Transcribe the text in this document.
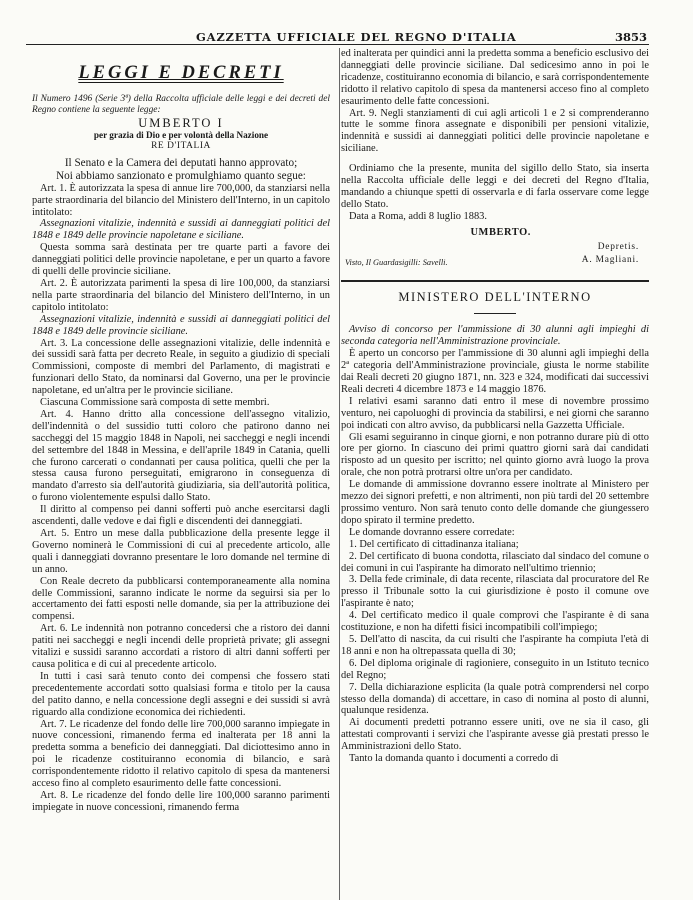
GAZZETTA UFFICIALE DEL REGNO D'ITALIA	3853
LEGGI E DECRETI

Il Numero 1496 (Serie 3ª) della Raccolta ufficiale delle leggi e dei decreti del Regno contiene la seguente legge:

UMBERTO I
per grazia di Dio e per volontà della Nazione
RE D'ITALIA
Il Senato e la Camera dei deputati hanno approvato;
Noi abbiamo sanzionato e promulghiamo quanto segue:

Art. 1. È autorizzata la spesa di annue lire 700,000, da stanziarsi nella parte straordinaria del bilancio del Ministero dell'Interno, in un capitolo intitolato:

Assegnazioni vitalizie, indennità e sussidi ai danneggiati politici del 1848 e 1849 delle provincie napoletane e siciliane.

Questa somma sarà destinata per tre quarte parti a favore dei danneggiati politici delle provincie napoletane, e per un quarto a favore di quelli delle provincie siciliane.

Art. 2. È autorizzata parimenti la spesa di lire 100,000, da stanziarsi nella parte straordinaria del bilancio del Ministero dell'Interno, in un capitolo intitolato:

Assegnazioni vitalizie, indennità e sussidi ai danneggiati politici del 1848 e 1849 delle provincie siciliane.

Art. 3. La concessione delle assegnazioni vitalizie, delle indennità e dei sussidi sarà fatta per decreto Reale, in seguito a giudizio di speciali Commissioni, composte di membri del Parlamento, di magistrati e funzionari dello Stato, da nominarsi dal Governo, una per le provincie napoletane, ed un'altra per le provincie siciliane.

Ciascuna Commissione sarà composta di sette membri.

Art. 4. Hanno dritto alla concessione dell'assegno vitalizio, dell'indennità o del sussidio tutti coloro che patirono danno nei saccheggi del 15 maggio 1848 in Napoli, nei saccheggi e negli incendi del settembre del 1848 in Messina, e dell'aprile 1849 in Catania, quelli che furono carcerati o condannati per causa politica, quelli che per la stessa causa furono perseguitati, emigrarono in conseguenza di mandato d'arresto sia dell'autorità giudiziaria, sia dell'autorità politica, o furono violentemente espulsi dallo Stato.

Il diritto al compenso pei danni sofferti può anche esercitarsi dagli ascendenti, dalle vedove e dai figli e discendenti dei danneggiati.

Art. 5. Entro un mese dalla pubblicazione della presente legge il Governo nominerà le Commissioni di cui al precedente articolo, alle quali i danneggiati dovranno presentare le loro domande nel termine di un anno.

Con Reale decreto da pubblicarsi contemporaneamente alla nomina delle Commissioni, saranno indicate le norme da seguirsi sia per lo accertamento dei fatti esposti nelle domande, sia per la attribuzione dei compensi.

Art. 6. Le indennità non potranno concedersi che a ristoro dei danni patiti nei saccheggi e negli incendi delle proprietà private; gli assegni vitalizi e sussidi saranno accordati a ristoro di altri danni sofferti per causa politica e di cui al precedente articolo.

In tutti i casi sarà tenuto conto dei compensi che fossero stati precedentemente accordati sotto qualsiasi forma e titolo per la causa del patito danno, e nella concessione degli assegni e dei sussidi si avrà riguardo alla condizione economica dei richiedenti.

Art. 7. Le ricadenze del fondo delle lire 700,000 saranno impiegate in nuove concessioni, rimanendo ferma ed inalterata per 18 anni la predetta somma a beneficio dei danneggiati. Dal diciottesimo anno in poi le ricadenze costituiranno economia di bilancio, e sarà corrispondentemente ridotto il relativo capitolo di spesa da mantenersi acceso fino al completo esaurimento delle fatte concessioni.

Art. 8. Le ricadenze del fondo delle lire 100,000 saranno parimenti impiegate in nuove concessioni, rimanendo ferma

ed inalterata per quindici anni la predetta somma a beneficio esclusivo dei danneggiati delle provincie siciliane. Dal sedicesimo anno in poi le ricadenze, costituiranno economia di bilancio, e sarà corrispondentemente ridotto il relativo capitolo di spesa da mantenersi acceso fino al completo esaurimento delle fatte concessioni.

Art. 9. Negli stanziamenti di cui agli articoli 1 e 2 si comprenderanno tutte le somme finora assegnate e disponibili per pensioni vitalizie, indennità e sussidi ai danneggiati politici delle provincie napoletane e siciliane.

Ordiniamo che la presente, munita del sigillo dello Stato, sia inserta nella Raccolta ufficiale delle leggi e dei decreti del Regno d'Italia, mandando a chiunque spetti di osservarla e di farla osservare come legge dello Stato.

Data a Roma, addì 8 luglio 1883.

UMBERTO.
Depretis.
Visto, Il Guardasigilli: Savelli.	A. Magliani.
MINISTERO DELL'INTERNO

Avviso di concorso per l'ammissione di 30 alunni agli impieghi di seconda categoria nell'Amministrazione provinciale.

È aperto un concorso per l'ammissione di 30 alunni agli impieghi della 2ª categoria dell'Amministrazione provinciale, giusta le norme stabilite dai Reali decreti 20 giugno 1871, nn. 323 e 324, modificati dai successivi Reali decreti 4 dicembre 1873 e 14 maggio 1876.

I relativi esami saranno dati entro il mese di novembre prossimo venturo, nei capoluoghi di provincia da stabilirsi, e nei giorni che saranno poi indicati con altro avviso, da pubblicarsi nella Gazzetta Ufficiale.

Gli esami seguiranno in cinque giorni, e non potranno durare più di otto ore per giorno. In ciascuno dei primi quattro giorni sarà dai candidati risposto ad un quesito per iscritto; nel quinto giorno avrà luogo la prova orale, che non potrà protrarsi oltre un'ora per candidato.

Le domande di ammissione dovranno essere inoltrate al Ministero per mezzo dei signori prefetti, e non altrimenti, non più tardi del 20 settembre prossimo venturo. Non sarà tenuto conto delle domande che giungessero dopo spirato il termine predetto.

Le domande dovranno essere corredate:

1. Del certificato di cittadinanza italiana;

2. Del certificato di buona condotta, rilasciato dal sindaco del comune o dei comuni in cui l'aspirante ha dimorato nell'ultimo triennio;

3. Della fede criminale, di data recente, rilasciata dal procuratore del Re presso il Tribunale sotto la cui giurisdizione è posto il comune ove l'aspirante è nato;

4. Del certificato medico il quale comprovi che l'aspirante è di sana costituzione, e non ha difetti fisici incompatibili coll'impiego;

5. Dell'atto di nascita, da cui risulti che l'aspirante ha compiuta l'età di 18 anni e non ha oltrepassata quella di 30;

6. Del diploma originale di ragioniere, conseguito in un Istituto tecnico del Regno;

7. Della dichiarazione esplicita (la quale potrà comprendersi nel corpo stesso della domanda) di accettare, in caso di nomina al posto di alunni, qualunque residenza.

Ai documenti predetti potranno essere uniti, ove ne sia il caso, gli attestati comprovanti i servizi che l'aspirante avesse già prestati presso le Amministrazioni dello Stato.

Tanto la domanda quanto i documenti a corredo di
